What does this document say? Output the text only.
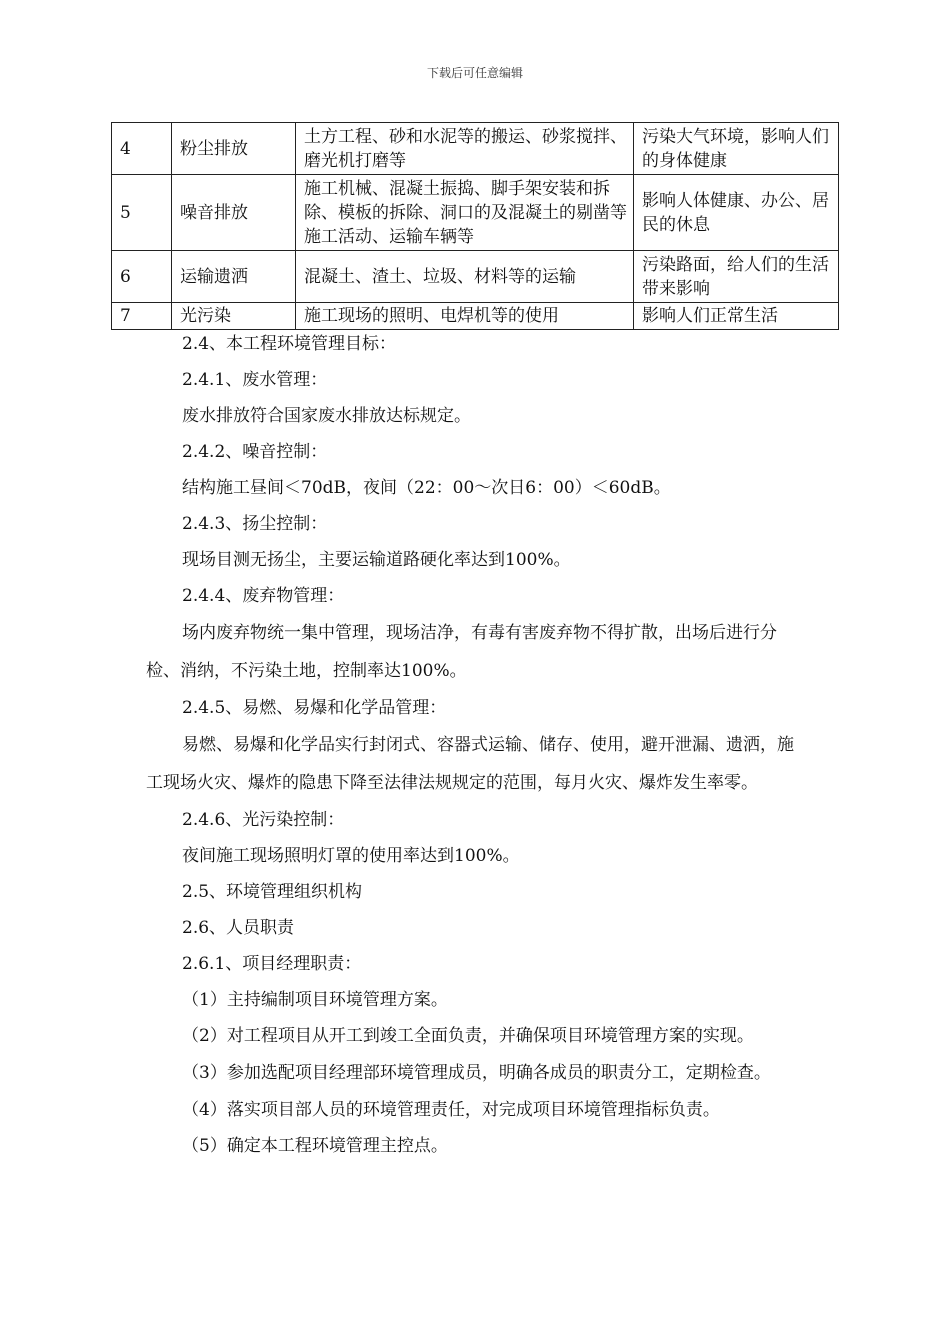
下载后可任意编辑
4	粉尘排放	土方工程、砂和水泥等的搬运、砂浆搅拌、磨光机打磨等	污染大气环境，影响人们的身体健康
5	噪音排放	施工机械、混凝土振捣、脚手架安装和拆除、模板的拆除、洞口的及混凝土的剔凿等施工活动、运输车辆等	影响人体健康、办公、居民的休息
6	运输遗洒	混凝土、渣土、垃圾、材料等的运输	污染路面，给人们的生活带来影响
7	光污染	施工现场的照明、电焊机等的使用	影响人们正常生活

2.4、本工程环境管理目标：

2.4.1、废水管理：

废水排放符合国家废水排放达标规定。

2.4.2、噪音控制：

结构施工昼间＜70dB，夜间（22：00～次日6：00）＜60dB。

2.4.3、扬尘控制：

现场目测无扬尘，主要运输道路硬化率达到100%。

2.4.4、废弃物管理：

场内废弃物统一集中管理，现场洁净，有毒有害废弃物不得扩散，出场后进行分检、消纳，不污染土地，控制率达100%。

2.4.5、易燃、易爆和化学品管理：

易燃、易爆和化学品实行封闭式、容器式运输、储存、使用，避开泄漏、遗洒，施工现场火灾、爆炸的隐患下降至法律法规规定的范围，每月火灾、爆炸发生率零。

2.4.6、光污染控制：

夜间施工现场照明灯罩的使用率达到100%。

2.5、环境管理组织机构

2.6、人员职责

2.6.1、项目经理职责：

（1）主持编制项目环境管理方案。

（2）对工程项目从开工到竣工全面负责，并确保项目环境管理方案的实现。

（3）参加选配项目经理部环境管理成员，明确各成员的职责分工，定期检查。

（4）落实项目部人员的环境管理责任，对完成项目环境管理指标负责。

（5）确定本工程环境管理主控点。
